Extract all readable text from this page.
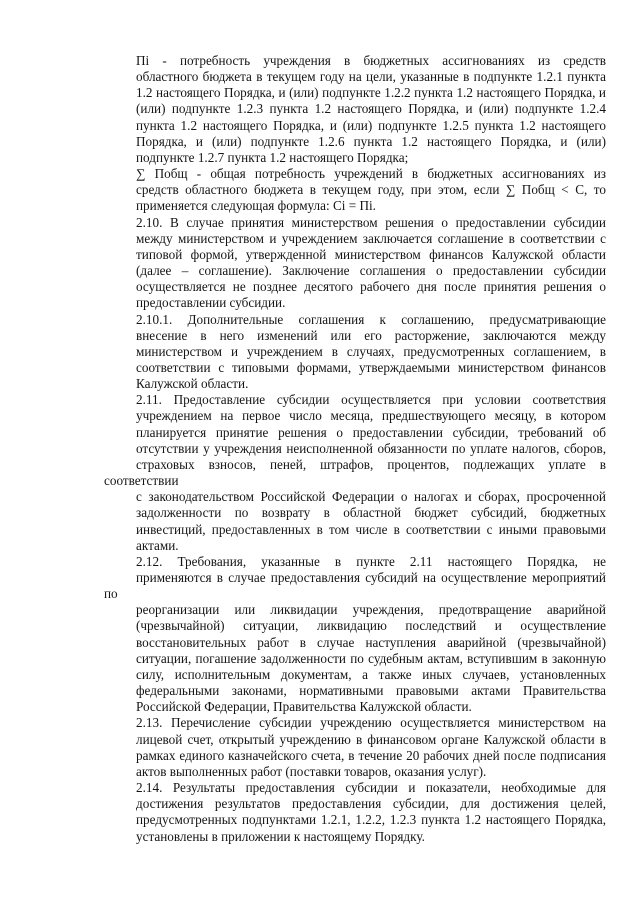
Пi - потребность учреждения в бюджетных ассигнованиях из средств
областного бюджета в текущем году на цели, указанные в подпункте 1.2.1 пункта
1.2 настоящего Порядка, и (или) подпункте 1.2.2 пункта 1.2 настоящего Порядка, и
(или) подпункте 1.2.3 пункта 1.2 настоящего Порядка, и (или) подпункте 1.2.4
пункта 1.2 настоящего Порядка, и (или) подпункте 1.2.5 пункта 1.2 настоящего
Порядка, и (или) подпункте 1.2.6 пункта 1.2 настоящего Порядка, и (или)
подпункте 1.2.7 пункта 1.2 настоящего Порядка;

∑ Побщ - общая потребность учреждений в бюджетных ассигнованиях из
средств областного бюджета в текущем году, при этом, если ∑ Побщ < С, то
применяется следующая формула: Сi = Пi.

2.10. В случае принятия министерством решения о предоставлении субсидии
между министерством и учреждением заключается соглашение в соответствии с
типовой формой, утвержденной министерством финансов Калужской области
(далее – соглашение). Заключение соглашения о предоставлении субсидии
осуществляется не позднее десятого рабочего дня после принятия решения о
предоставлении субсидии.

2.10.1. Дополнительные соглашения к соглашению, предусматривающие
внесение в него изменений или его расторжение, заключаются между
министерством и учреждением в случаях, предусмотренных соглашением, в
соответствии с типовыми формами, утверждаемыми министерством финансов
Калужской области.

2.11. Предоставление субсидии осуществляется при условии соответствия
учреждением на первое число месяца, предшествующего месяцу, в котором
планируется принятие решения о предоставлении субсидии, требований об
отсутствии у учреждения неисполненной обязанности по уплате налогов, сборов,
страховых взносов, пеней, штрафов, процентов, подлежащих уплате в соответствии
с законодательством Российской Федерации о налогах и сборах, просроченной
задолженности по возврату в областной бюджет субсидий, бюджетных
инвестиций, предоставленных в том числе в соответствии с иными правовыми
актами.

2.12. Требования, указанные в пункте 2.11 настоящего Порядка, не
применяются в случае предоставления субсидий на осуществление мероприятий по
реорганизации или ликвидации учреждения, предотвращение аварийной
(чрезвычайной) ситуации, ликвидацию последствий и осуществление
восстановительных работ в случае наступления аварийной (чрезвычайной)
ситуации, погашение задолженности по судебным актам, вступившим в законную
силу, исполнительным документам, а также иных случаев, установленных
федеральными законами, нормативными правовыми актами Правительства
Российской Федерации, Правительства Калужской области.

2.13. Перечисление субсидии учреждению осуществляется министерством на
лицевой счет, открытый учреждению в финансовом органе Калужской области в
рамках единого казначейского счета, в течение 20 рабочих дней после подписания
актов выполненных работ (поставки товаров, оказания услуг).

2.14. Результаты предоставления субсидии и показатели, необходимые для
достижения результатов предоставления субсидии, для достижения целей,
предусмотренных подпунктами 1.2.1, 1.2.2, 1.2.3 пункта 1.2 настоящего Порядка,
установлены в приложении к настоящему Порядку.
